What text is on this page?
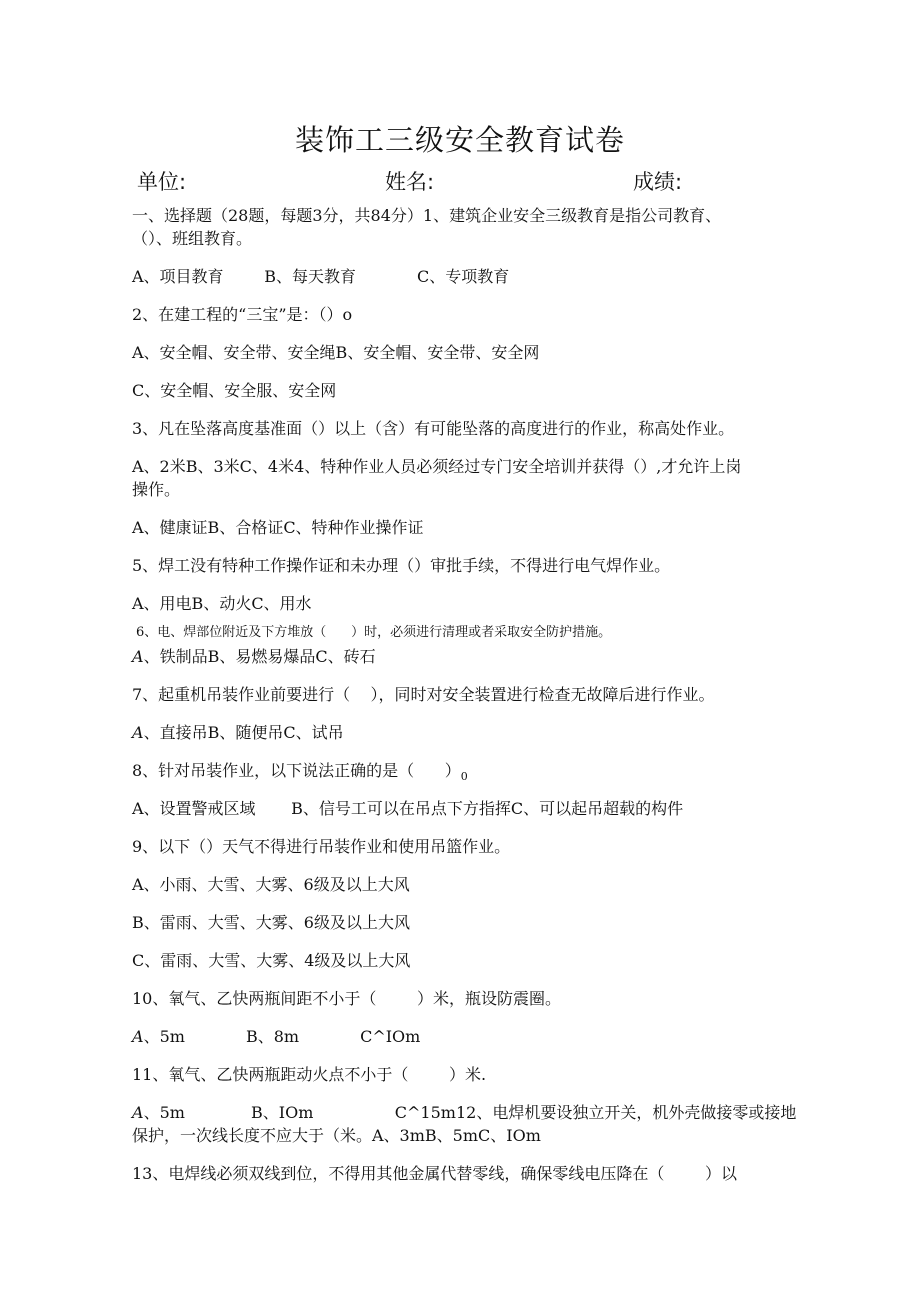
装饰工三级安全教育试卷
单位:	姓名:	成绩:
一、选择题（28题，每题3分，共84分）1、建筑企业安全三级教育是指公司教育、
（）、班组教育。
A、项目教育        B、每天教育            C、专项教育
2、在建工程的“三宝”是：（）o
A、安全帽、安全带、安全绳B、安全帽、安全带、安全网
C、安全帽、安全服、安全网
3、凡在坠落高度基准面（）以上（含）有可能坠落的高度进行的作业，称高处作业。
A、2米B、3米C、4米4、特种作业人员必须经过专门安全培训并获得（）,才允许上岗
操作。
A、健康证B、合格证C、特种作业操作证
5、焊工没有特种工作操作证和未办理（）审批手续，不得进行电气焊作业。
A、用电B、动火C、用水
6、电、焊部位附近及下方堆放（      ）时，必须进行清理或者采取安全防护措施。
A、铁制品B、易燃易爆品C、砖石
7、起重机吊装作业前要进行（    ），同时对安全装置进行检查无故障后进行作业。
A、直接吊B、随便吊C、试吊
8、针对吊装作业，以下说法正确的是（      ）$_0$
A、设置警戒区域       B、信号工可以在吊点下方指挥C、可以起吊超载的构件
9、以下（）天气不得进行吊装作业和使用吊篮作业。
A、小雨、大雪、大雾、6级及以上大风
B、雷雨、大雪、大雾、6级及以上大风
C、雷雨、大雪、大雾、4级及以上大风
10、氧气、乙快两瓶间距不小于（        ）米，瓶设防震圈。
A、5m            B、8m            C^IOm
11、氧气、乙快两瓶距动火点不小于（        ）米.
A、5m             B、IOm                C^15m12、电焊机要设独立开关，机外壳做接零或接地
保护，一次线长度不应大于（米。A、3mB、5mC、IOm
13、电焊线必须双线到位，不得用其他金属代替零线，确保零线电压降在（        ）以
